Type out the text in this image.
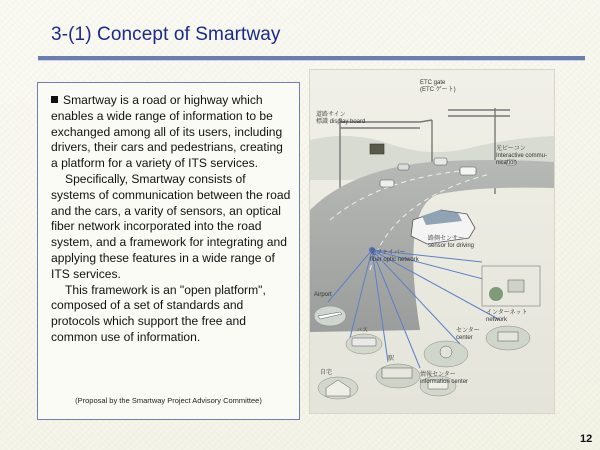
3-(1) Concept of Smartway

Smartway is a road or highway which enables a wide range of information to be exchanged among all of its users, including drivers, their cars and pedestrians, creating a platform for a variety of ITS services.

Specifically, Smartway consists of systems of communication between the road and the cars, a varity of sensors, an optical fiber network incorporated into the road system, and a framework for integrating and applying these features in a wide range of ITS services.

This framework is an "open platform", composed of a set of standards and protocols which support the free and common use of information.

(Proposal by the Smartway Project Advisory Committee)
ETC gate
(ETC ゲート)
道路サイン
標識 display board
光ビーコン
Interactive commu-
nication
光ファイバー
fiber optic network
路側センサー
sensor for driving
Airport
バス
駅
自宅
センター
center
インターネット
network
情報センター
information center
12
